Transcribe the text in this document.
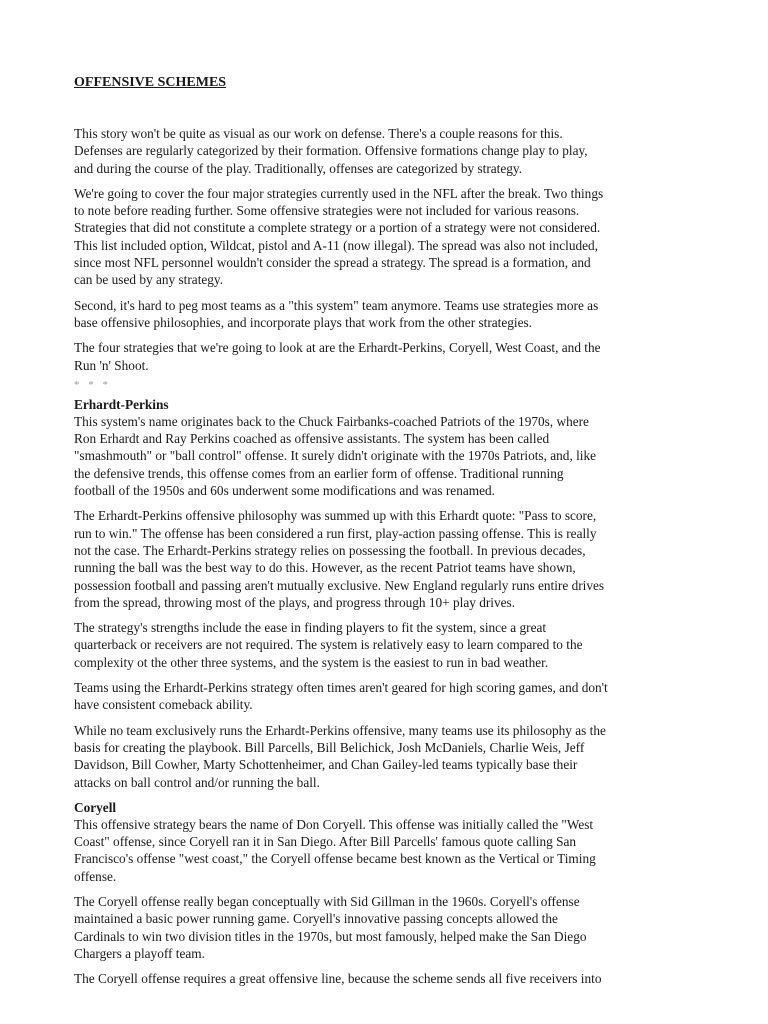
OFFENSIVE SCHEMES
This story won't be quite as visual as our work on defense. There's a couple reasons for this.
Defenses are regularly categorized by their formation. Offensive formations change play to play,
and during the course of the play. Traditionally, offenses are categorized by strategy.
We're going to cover the four major strategies currently used in the NFL after the break. Two things
to note before reading further. Some offensive strategies were not included for various reasons.
Strategies that did not constitute a complete strategy or a portion of a strategy were not considered.
This list included option, Wildcat, pistol and A-11 (now illegal). The spread was also not included,
since most NFL personnel wouldn't consider the spread a strategy. The spread is a formation, and
can be used by any strategy.
Second, it's hard to peg most teams as a "this system" team anymore. Teams use strategies more as
base offensive philosophies, and incorporate plays that work from the other strategies.
The four strategies that we're going to look at are the Erhardt-Perkins, Coryell, West Coast, and the
Run 'n' Shoot.
* * *
Erhardt-Perkins
This system's name originates back to the Chuck Fairbanks-coached Patriots of the 1970s, where
Ron Erhardt and Ray Perkins coached as offensive assistants. The system has been called
"smashmouth" or "ball control" offense. It surely didn't originate with the 1970s Patriots, and, like
the defensive trends, this offense comes from an earlier form of offense. Traditional running
football of the 1950s and 60s underwent some modifications and was renamed.
The Erhardt-Perkins offensive philosophy was summed up with this Erhardt quote: "Pass to score,
run to win." The offense has been considered a run first, play-action passing offense. This is really
not the case. The Erhardt-Perkins strategy relies on possessing the football. In previous decades,
running the ball was the best way to do this. However, as the recent Patriot teams have shown,
possession football and passing aren't mutually exclusive. New England regularly runs entire drives
from the spread, throwing most of the plays, and progress through 10+ play drives.
The strategy's strengths include the ease in finding players to fit the system, since a great
quarterback or receivers are not required. The system is relatively easy to learn compared to the
complexity ot the other three systems, and the system is the easiest to run in bad weather.
Teams using the Erhardt-Perkins strategy often times aren't geared for high scoring games, and don't
have consistent comeback ability.
While no team exclusively runs the Erhardt-Perkins offensive, many teams use its philosophy as the
basis for creating the playbook. Bill Parcells, Bill Belichick, Josh McDaniels, Charlie Weis, Jeff
Davidson, Bill Cowher, Marty Schottenheimer, and Chan Gailey-led teams typically base their
attacks on ball control and/or running the ball.
Coryell
This offensive strategy bears the name of Don Coryell. This offense was initially called the "West
Coast" offense, since Coryell ran it in San Diego. After Bill Parcells' famous quote calling San
Francisco's offense "west coast," the Coryell offense became best known as the Vertical or Timing
offense.
The Coryell offense really began conceptually with Sid Gillman in the 1960s. Coryell's offense
maintained a basic power running game. Coryell's innovative passing concepts allowed the
Cardinals to win two division titles in the 1970s, but most famously, helped make the San Diego
Chargers a playoff team.
The Coryell offense requires a great offensive line, because the scheme sends all five receivers into
